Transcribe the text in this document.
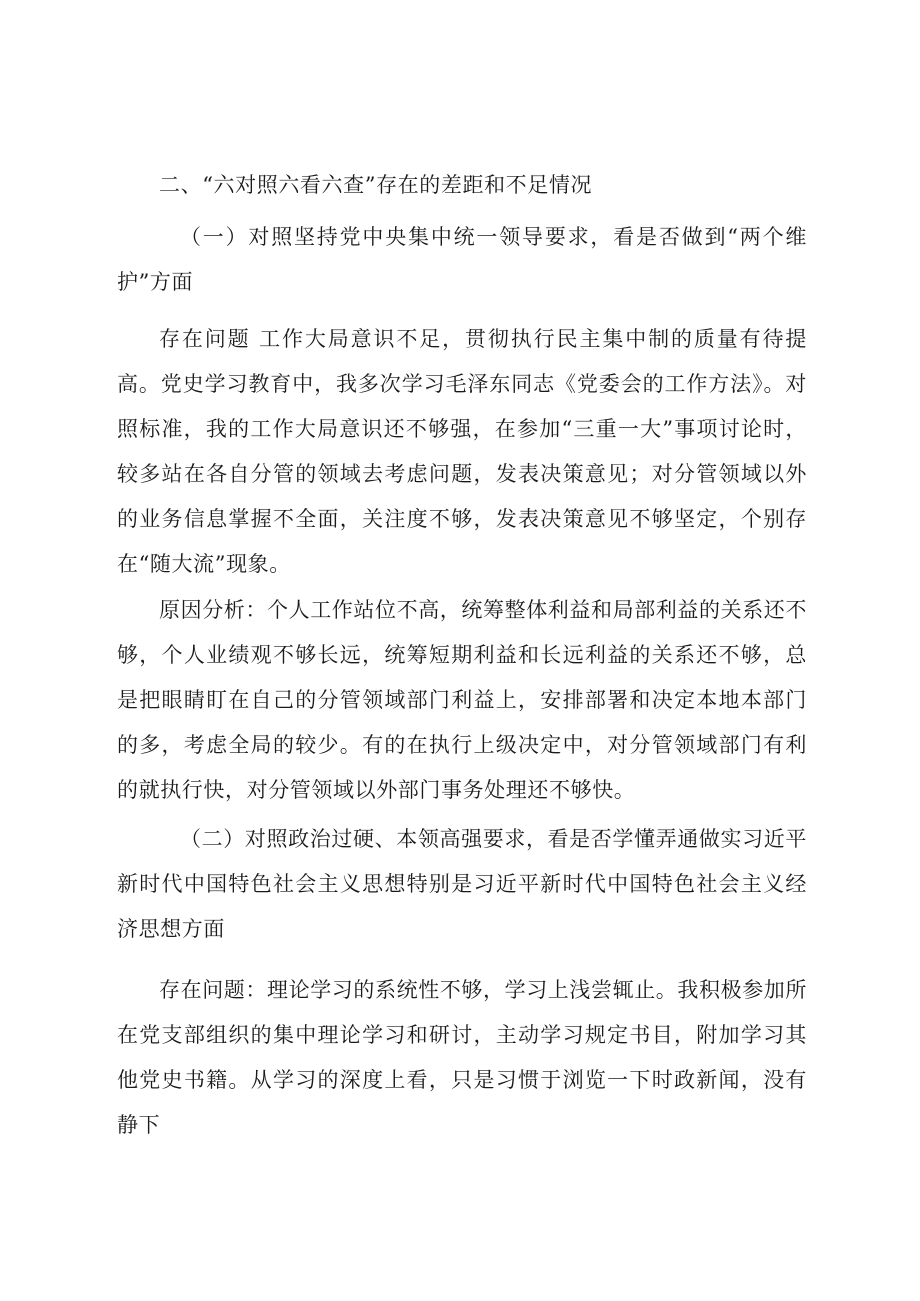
二、“六对照六看六查”存在的差距和不足情况

（一）对照坚持党中央集中统一领导要求，看是否做到“两个维护”方面

存在问题 工作大局意识不足，贯彻执行民主集中制的质量有待提高。党史学习教育中，我多次学习毛泽东同志《党委会的工作方法》。对照标准，我的工作大局意识还不够强，在参加“三重一大”事项讨论时，较多站在各自分管的领域去考虑问题，发表决策意见；对分管领域以外的业务信息掌握不全面，关注度不够，发表决策意见不够坚定，个别存在“随大流”现象。

原因分析：个人工作站位不高，统筹整体利益和局部利益的关系还不够，个人业绩观不够长远，统筹短期利益和长远利益的关系还不够，总是把眼睛盯在自己的分管领域部门利益上，安排部署和决定本地本部门的多，考虑全局的较少。有的在执行上级决定中，对分管领域部门有利的就执行快，对分管领域以外部门事务处理还不够快。

（二）对照政治过硬、本领高强要求，看是否学懂弄通做实习近平新时代中国特色社会主义思想特别是习近平新时代中国特色社会主义经济思想方面

存在问题：理论学习的系统性不够，学习上浅尝辄止。我积极参加所在党支部组织的集中理论学习和研讨，主动学习规定书目，附加学习其他党史书籍。从学习的深度上看，只是习惯于浏览一下时政新闻，没有静下
